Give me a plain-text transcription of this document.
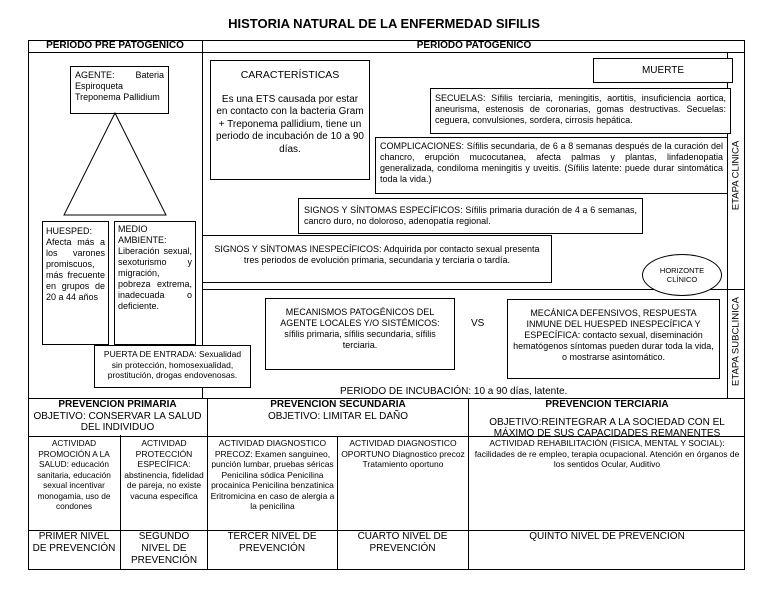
HISTORIA NATURAL DE LA ENFERMEDAD SIFILIS
PERIODO PRE PATOGENICO	PERIODO PATOGENICO
AGENTE: Bateria
Espiroqueta Treponema Pallidium
HUESPED: Afecta más a los varones promiscuos, más frecuente en grupos de 20 a 44 años
MEDIO AMBIENTE: Liberación sexual, sexoturismo y migración, pobreza extrema, inadecuada o deficiente.
PUERTA DE ENTRADA: Sexualidad sin protección, homosexualidad, prostitución, drogas endovenosas.
CARACTERÍSTICAS
Es una ETS causada por estar en contacto con la bacteria Gram + Treponema pallidium, tiene un periodo de incubación de 10 a 90 días.
MUERTE
SECUELAS: Sífilis terciaria, meningitis, aortitis, insuficiencia aortica, aneurisma, estenosis de coronarias, gomas destructivas. Secuelas: ceguera, convulsiones, sordera, cirrosis hepática.
COMPLICACIONES: Sífilis secundaria, de 6 a 8 semanas después de la curación del chancro, erupción mucocutanea, afecta palmas y plantas, linfadenopatia generalizada, condiloma meningitis y uveitis. (Sífilis latente: puede durar sintomática toda la vida.)
SIGNOS Y SÍNTOMAS ESPECÍFICOS: Sífilis primaria duración de 4 a 6 semanas, cancro duro, no doloroso, adenopatía regional.
SIGNOS Y SÍNTOMAS INESPECÍFICOS: Adquirida por contacto sexual presenta tres periodos de evolución primaria, secundaria y terciaria o tardía.
HORIZONTE CLÍNICO
MECANISMOS PATOGÉNICOS DEL AGENTE LOCALES Y/O SISTÉMICOS: sífilis primaria, sífilis secundaria, sífilis terciaria.
VS
MECÁNICA DEFENSIVOS, RESPUESTA INMUNE DEL HUESPED INESPECÍFICA Y ESPECÍFICA: contacto sexual, diseminación hematógenos síntomas pueden durar toda la vida, o mostrarse asintomático.
PERIODO DE INCUBACIÓN: 10 a 90 días, latente.
ETAPA CLINICA
ETAPA SUBCLINICA
PREVENCION PRIMARIA
OBJETIVO: CONSERVAR LA SALUD DEL INDIVIDUO
PREVENCION SECUNDARIA
OBJETIVO: LIMITAR EL DAÑO
PREVENCION TERCIARIA
OBJETIVO:REINTEGRAR A LA SOCIEDAD CON EL MÁXIMO DE SUS CAPACIDADES REMANENTES
ACTIVIDAD PROMOCIÓN A LA SALUD: educación sanitaria, educación sexual incentivar monogamia, uso de condones
ACTIVIDAD PROTECCIÓN ESPECÍFICA: abstinencia, fidelidad de pareja, no existe vacuna especifica
ACTIVIDAD DIAGNOSTICO PRECOZ: Examen sanguineo, punción lumbar, pruebas séricas Penicilina sódica Penicilina procainica Penicilina benzatinica Eritromicina en caso de alergia a la penicilina
ACTIVIDAD DIAGNOSTICO OPORTUNO Diagnostico precoz Tratamiento oportuno
ACTIVIDAD REHABILITACIÓN (FISICA, MENTAL Y SOCIAL):
facilidades de re empleo, terapia ocupacional. Atención en órganos de los sentidos Ocular, Auditivo
PRIMER NIVEL DE PREVENCIÓN
SEGUNDO NIVEL DE PREVENCIÓN
TERCER NIVEL DE PREVENCIÓN
CUARTO NIVEL DE PREVENCIÓN
QUINTO NIVEL DE PREVENCIÓN
